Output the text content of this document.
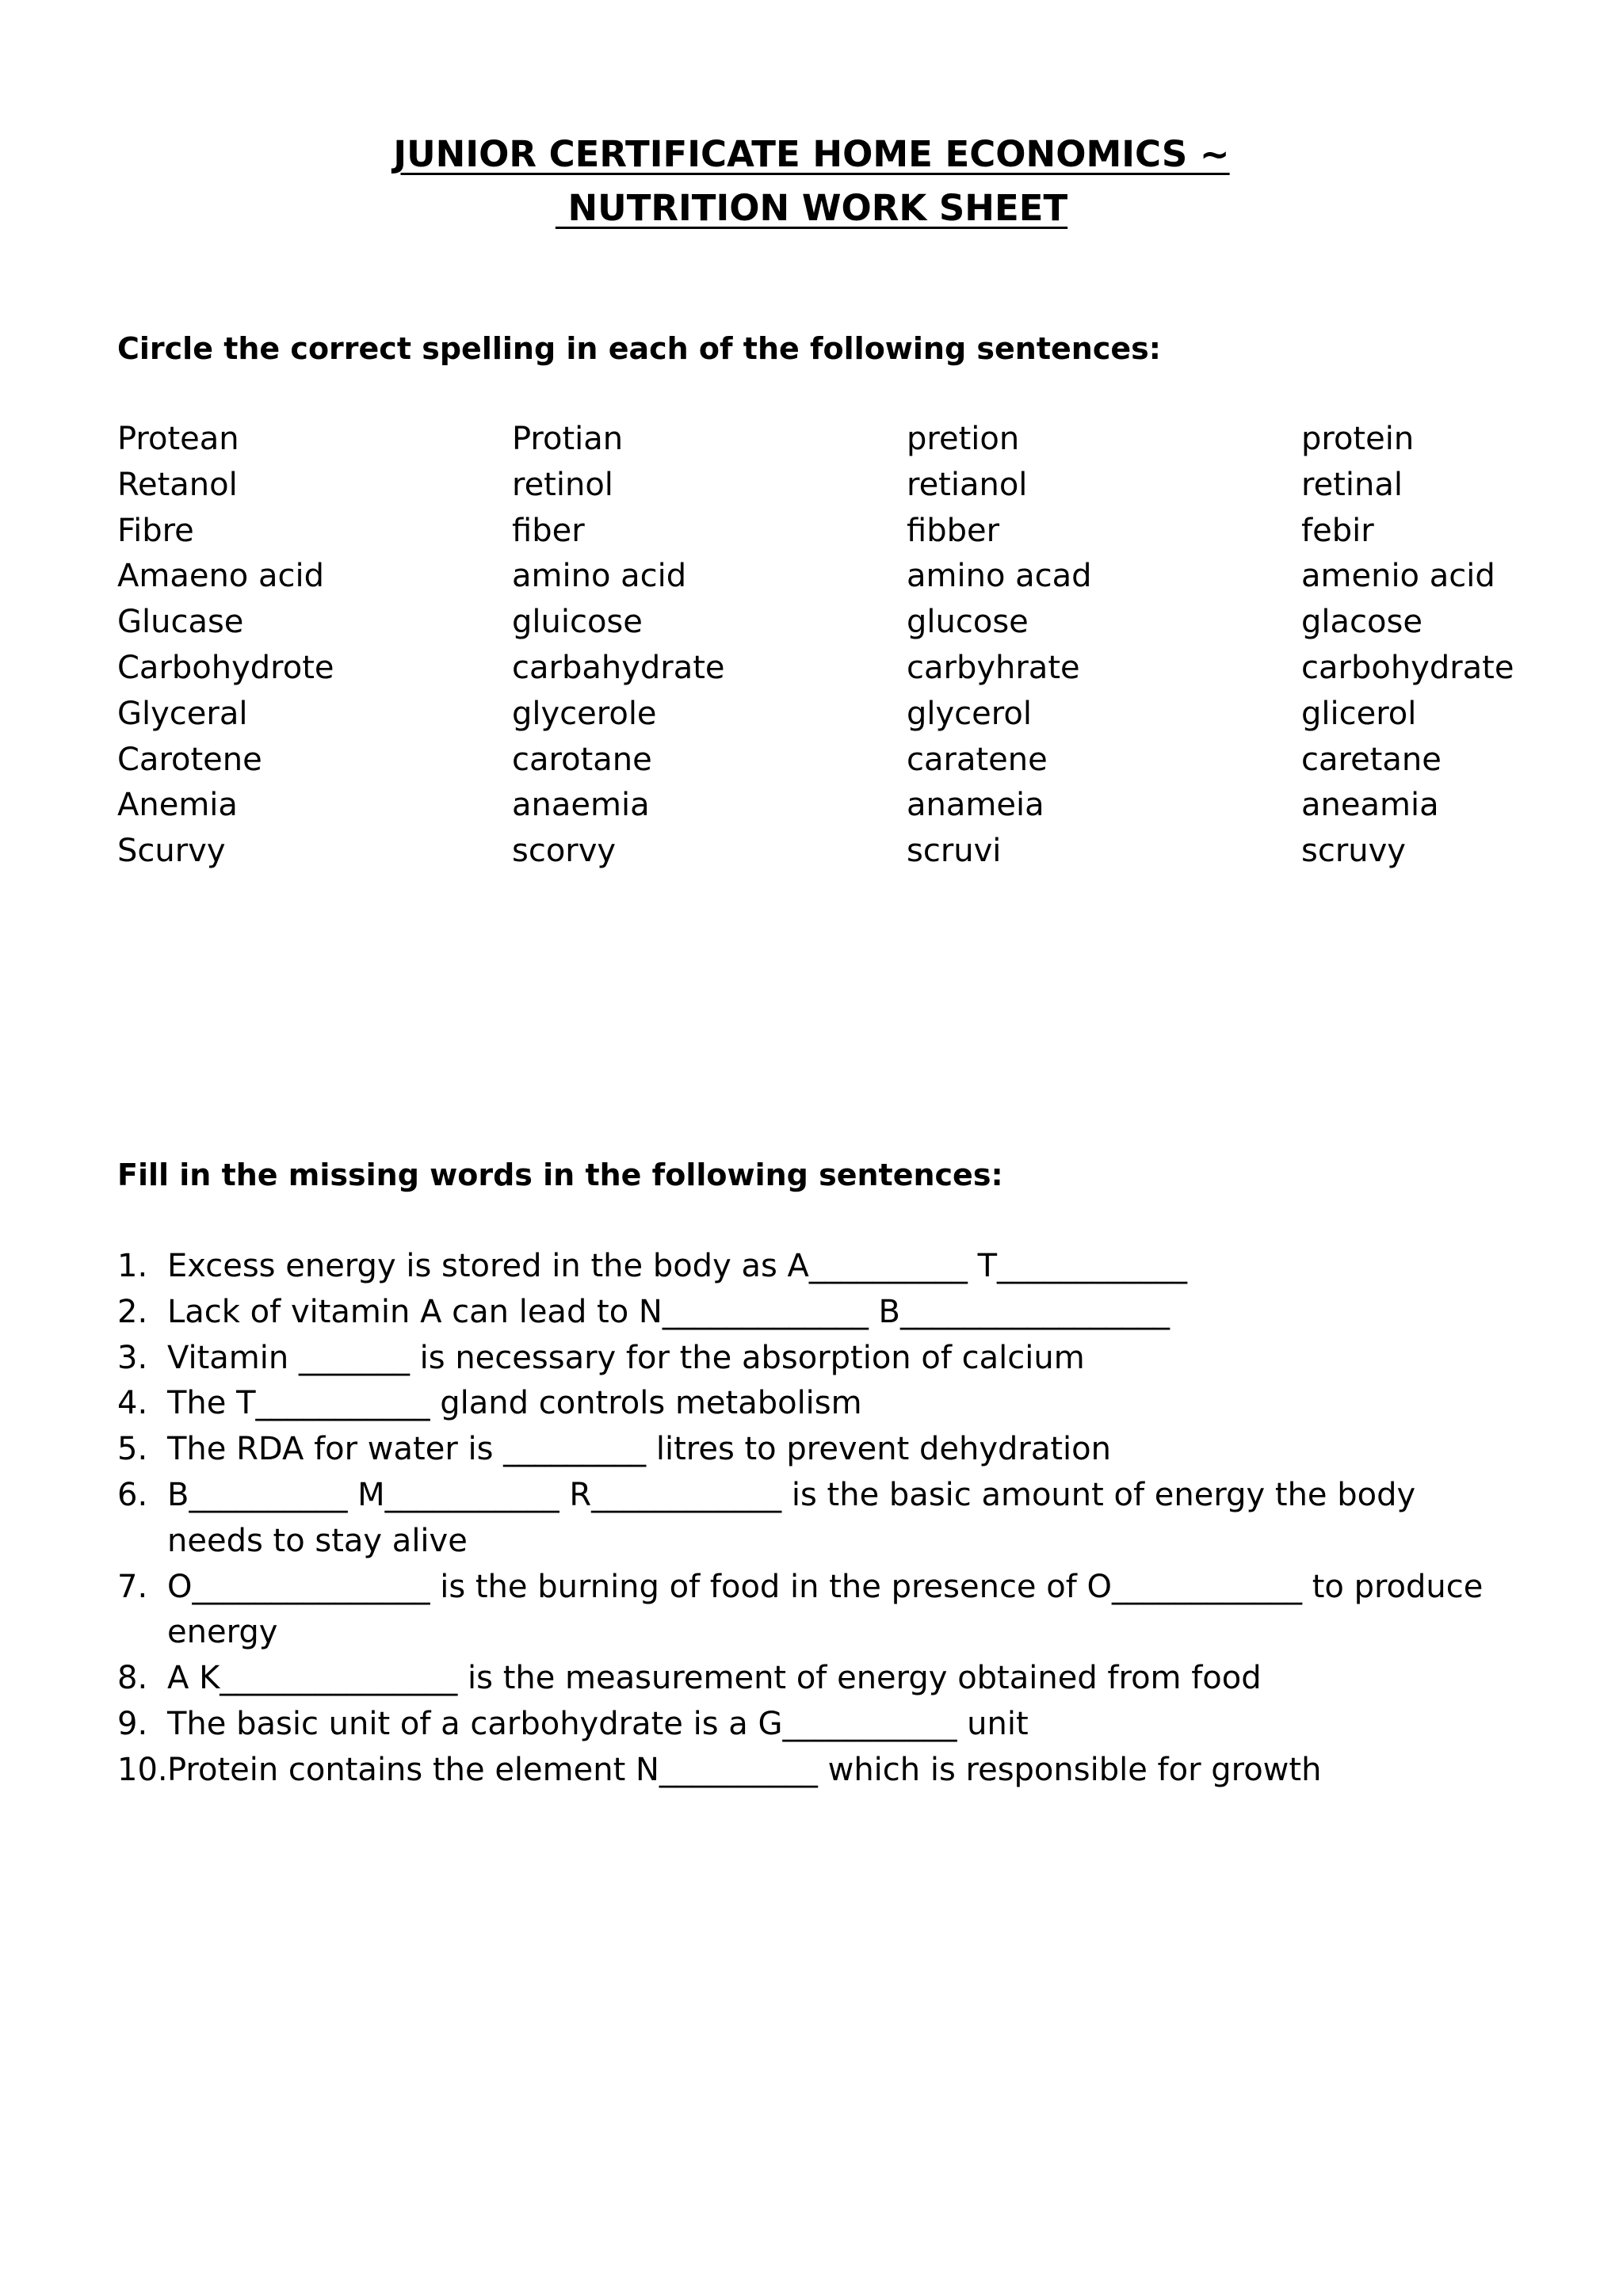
JUNIOR CERTIFICATE HOME ECONOMICS ~
NUTRITION WORK SHEET
Circle the correct spelling in each of the following sentences:
Protean	Protian	pretion	protein
Retanol	retinol	retianol	retinal
Fibre	fiber	fibber	febir
Amaeno acid	amino acid	amino acad	amenio acid
Glucase	gluicose	glucose	glacose
Carbohydrote	carbahydrate	carbyhrate	carbohydrate
Glyceral	glycerole	glycerol	glicerol
Carotene	carotane	caratene	caretane
Anemia	anaemia	anameia	aneamia
Scurvy	scorvy	scruvi	scruvy
Fill in the missing words in the following sentences:
1. Excess energy is stored in the body as A__________ T____________
2. Lack of vitamin A can lead to N_____________ B_________________
3. Vitamin _______ is necessary for the absorption of calcium
4. The T___________ gland controls metabolism
5. The RDA for water is _________ litres to prevent dehydration
6. B__________ M___________ R____________ is the basic amount of energy the body needs to stay alive
7. O_______________ is the burning of food in the presence of O____________ to produce energy
8. A K_______________ is the measurement of energy obtained from food
9. The basic unit of a carbohydrate is a G___________ unit
10. Protein contains the element N__________ which is responsible for growth
